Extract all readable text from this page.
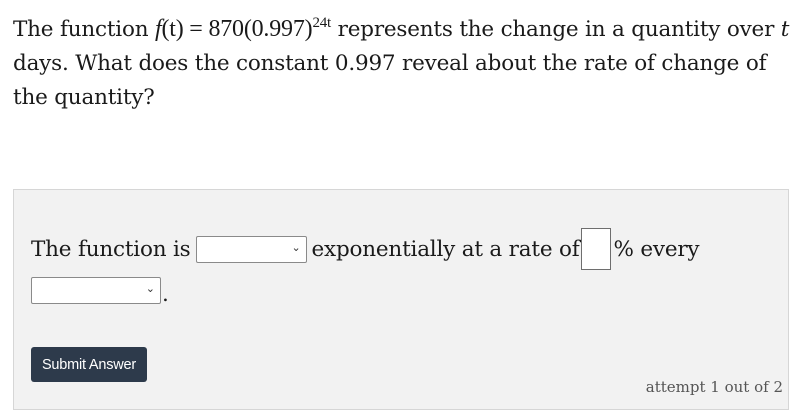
The function $f(t) = 870(0.997)^{24t}$ represents the change in a quantity over t days. What does the constant 0.997 reveal about the rate of change of the quantity?
The function is	⌄ exponentially at a rate of % every
⌄ .
Submit Answer
attempt 1 out of 2
